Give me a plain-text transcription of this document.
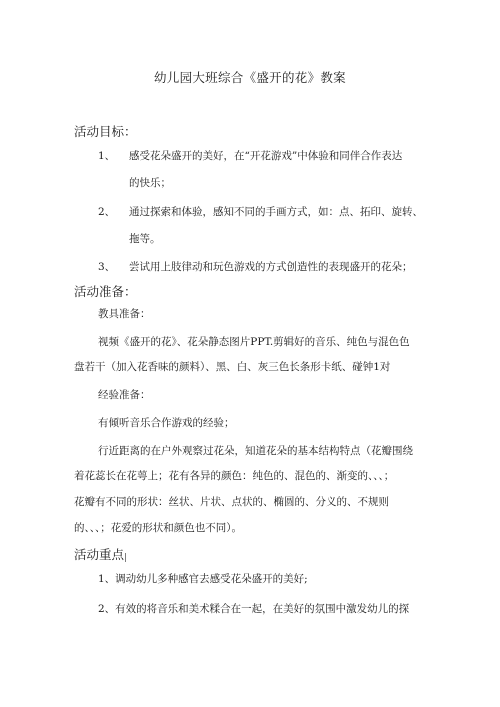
幼儿园大班综合《盛开的花》教案
活动目标：
1、 感受花朵盛开的美好，在“开花游戏”中体验和同伴合作表达
的快乐；
2、 通过探索和体验，感知不同的手画方式，如：点、拓印、旋转、
拖等。
3、 尝试用上肢律动和玩色游戏的方式创造性的表现盛开的花朵；
活动准备：
教具准备：
视频《盛开的花》、花朵静态图片PPT.剪辑好的音乐、纯色与混色色
盘若干（加入花香味的颜料）、黑、白、灰三色长条形卡纸、碰钟1对
经验准备：
有倾听音乐合作游戏的经验；
行近距离的在户外观察过花朵，知道花朵的基本结构特点（花瓣围绕
着花蕊长在花萼上；花有各异的颜色：纯色的、混色的、渐变的、、、；
花瓣有不同的形状：丝状、片状、点状的、椭圆的、分义的、不规则
的、、、；花爱的形状和颜色也不同）。
活动重点|
1、调动幼儿多种感官去感受花朵盛开的美好;
2、有效的将音乐和美术糅合在一起，在美好的氛围中激发幼儿的探
